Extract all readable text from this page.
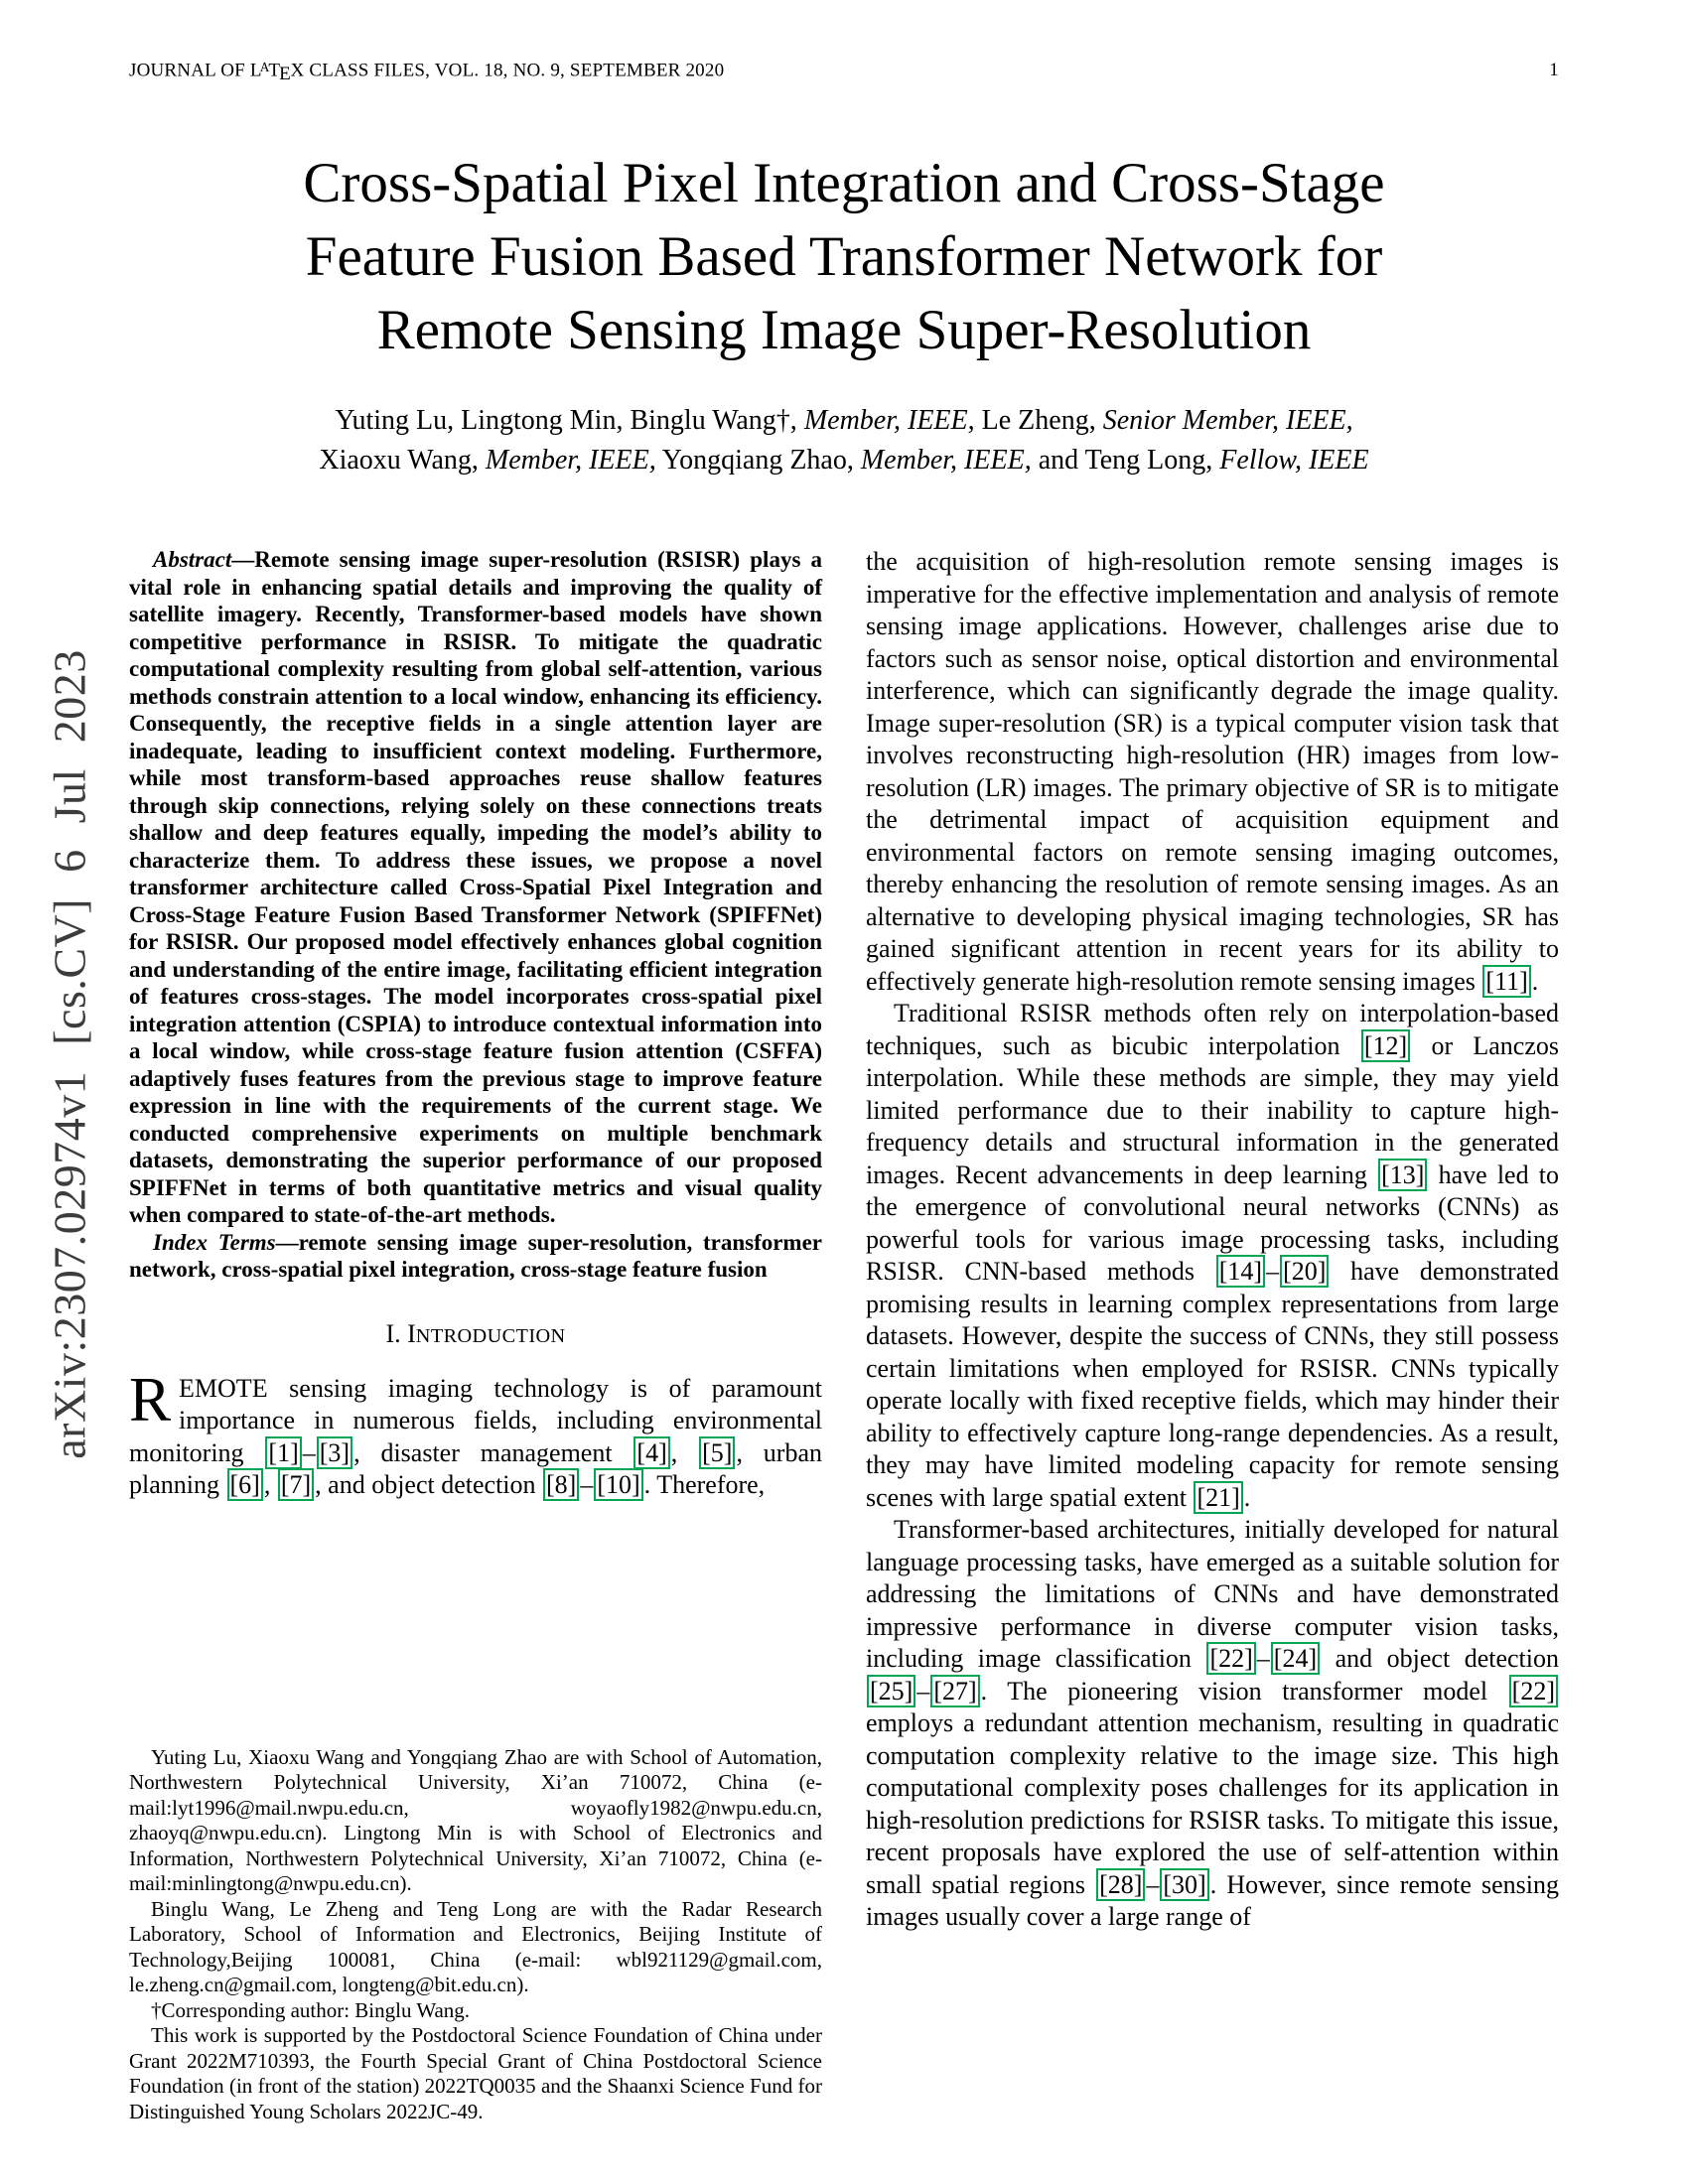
JOURNAL OF $L^ATEX$ CLASS FILES, VOL. 18, NO. 9, SEPTEMBER 2020	1
arXiv:2307.02974v1 [cs.CV] 6 Jul 2023
Cross-Spatial Pixel Integration and Cross-Stage
Feature Fusion Based Transformer Network for
Remote Sensing Image Super-Resolution
Yuting Lu, Lingtong Min, Binglu Wang†, Member, IEEE, Le Zheng, Senior Member, IEEE,
Xiaoxu Wang, Member, IEEE, Yongqiang Zhao, Member, IEEE, and Teng Long, Fellow, IEEE

Abstract—Remote sensing image super-resolution (RSISR) plays a vital role in enhancing spatial details and improving the quality of satellite imagery. Recently, Transformer-based models have shown competitive performance in RSISR. To mitigate the quadratic computational complexity resulting from global self-attention, various methods constrain attention to a local window, enhancing its efficiency. Consequently, the receptive fields in a single attention layer are inadequate, leading to insufficient context modeling. Furthermore, while most transform-based approaches reuse shallow features through skip connections, relying solely on these connections treats shallow and deep features equally, impeding the model’s ability to characterize them. To address these issues, we propose a novel transformer architecture called Cross-Spatial Pixel Integration and Cross-Stage Feature Fusion Based Transformer Network (SPIFFNet) for RSISR. Our proposed model effectively enhances global cognition and understanding of the entire image, facilitating efficient integration of features cross-stages. The model incorporates cross-spatial pixel integration attention (CSPIA) to introduce contextual information into a local window, while cross-stage feature fusion attention (CSFFA) adaptively fuses features from the previous stage to improve feature expression in line with the requirements of the current stage. We conducted comprehensive experiments on multiple benchmark datasets, demonstrating the superior performance of our proposed SPIFFNet in terms of both quantitative metrics and visual quality when compared to state-of-the-art methods.

Index Terms—remote sensing image super-resolution, transformer network, cross-spatial pixel integration, cross-stage feature fusion

I. INTRODUCTION

REMOTE sensing imaging technology is of paramount importance in numerous fields, including environmental monitoring [1] – [3] , disaster management [4] , [5] , urban planning [6] , [7] , and object detection [8] – [10] . Therefore,

Yuting Lu, Xiaoxu Wang and Yongqiang Zhao are with School of Automation, Northwestern Polytechnical University, Xi’an 710072, China (e-mail:lyt1996@mail.nwpu.edu.cn, woyaofly1982@nwpu.edu.cn, zhaoyq@nwpu.edu.cn). Lingtong Min is with School of Electronics and Information, Northwestern Polytechnical University, Xi’an 710072, China (e-mail:minlingtong@nwpu.edu.cn).

Binglu Wang, Le Zheng and Teng Long are with the Radar Research Laboratory, School of Information and Electronics, Beijing Institute of Technology,Beijing 100081, China (e-mail: wbl921129@gmail.com, le.zheng.cn@gmail.com, longteng@bit.edu.cn).

†Corresponding author: Binglu Wang.

This work is supported by the Postdoctoral Science Foundation of China under Grant 2022M710393, the Fourth Special Grant of China Postdoctoral Science Foundation (in front of the station) 2022TQ0035 and the Shaanxi Science Fund for Distinguished Young Scholars 2022JC-49.

the acquisition of high-resolution remote sensing images is imperative for the effective implementation and analysis of remote sensing image applications. However, challenges arise due to factors such as sensor noise, optical distortion and environmental interference, which can significantly degrade the image quality. Image super-resolution (SR) is a typical computer vision task that involves reconstructing high-resolution (HR) images from low-resolution (LR) images. The primary objective of SR is to mitigate the detrimental impact of acquisition equipment and environmental factors on remote sensing imaging outcomes, thereby enhancing the resolution of remote sensing images. As an alternative to developing physical imaging technologies, SR has gained significant attention in recent years for its ability to effectively generate high-resolution remote sensing images [11] .

Traditional RSISR methods often rely on interpolation-based techniques, such as bicubic interpolation [12] or Lanczos interpolation. While these methods are simple, they may yield limited performance due to their inability to capture high-frequency details and structural information in the generated images. Recent advancements in deep learning [13] have led to the emergence of convolutional neural networks (CNNs) as powerful tools for various image processing tasks, including RSISR. CNN-based methods [14] – [20] have demonstrated promising results in learning complex representations from large datasets. However, despite the success of CNNs, they still possess certain limitations when employed for RSISR. CNNs typically operate locally with fixed receptive fields, which may hinder their ability to effectively capture long-range dependencies. As a result, they may have limited modeling capacity for remote sensing scenes with large spatial extent [21] .

Transformer-based architectures, initially developed for natural language processing tasks, have emerged as a suitable solution for addressing the limitations of CNNs and have demonstrated impressive performance in diverse computer vision tasks, including image classification [22] – [24] and object detection [25] – [27] . The pioneering vision transformer model [22] employs a redundant attention mechanism, resulting in quadratic computation complexity relative to the image size. This high computational complexity poses challenges for its application in high-resolution predictions for RSISR tasks. To mitigate this issue, recent proposals have explored the use of self-attention within small spatial regions [28] – [30] . However, since remote sensing images usually cover a large range of
